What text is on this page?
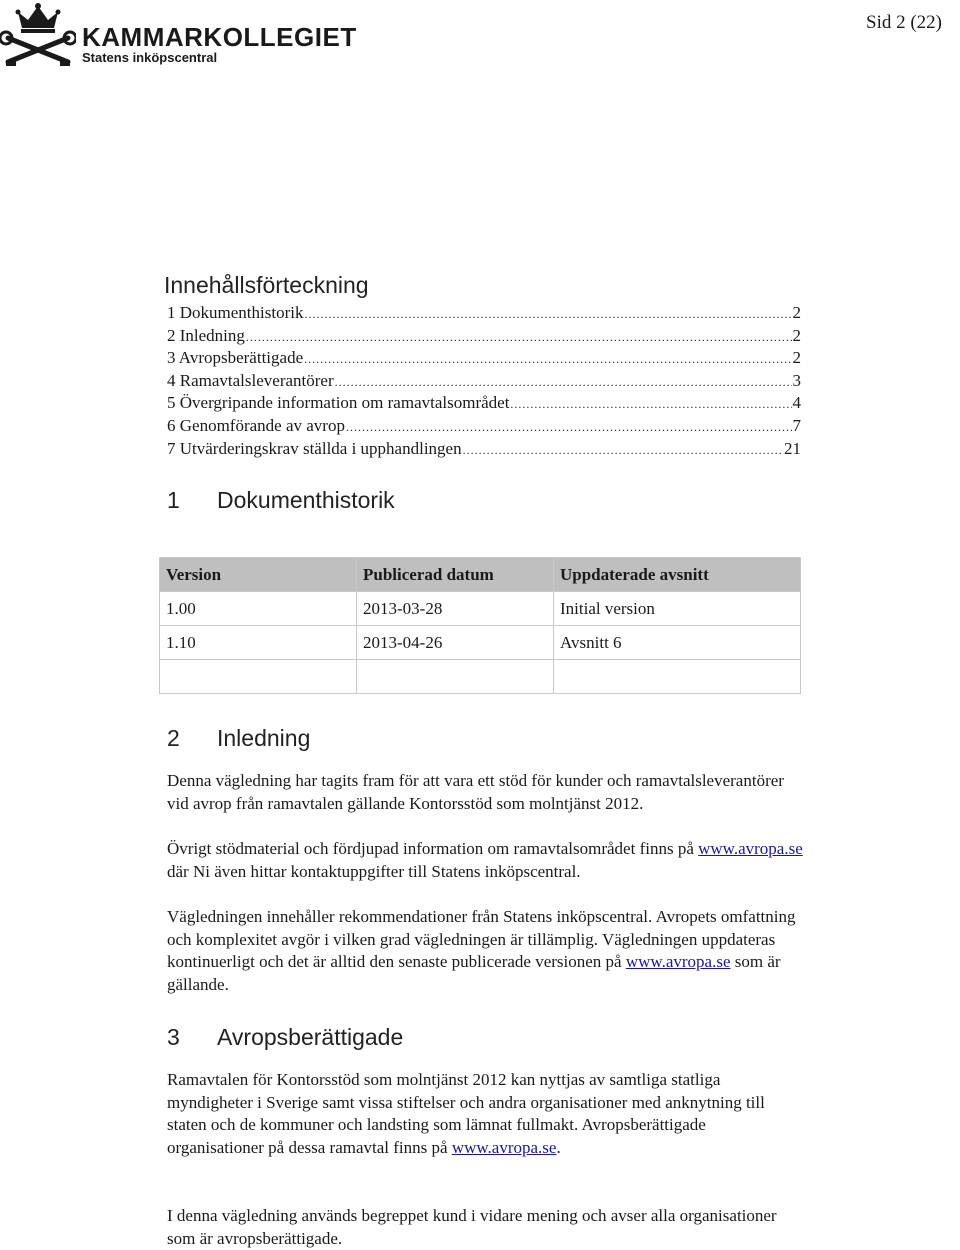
KAMMARKOLLEGIET
Statens inköpscentral
Sid 2 (22)
Innehållsförteckning
1 Dokumenthistorik .....	2
2 Inledning .....	2
3 Avropsberättigade .....	2
4 Ramavtalsleverantörer .....	3
5 Övergripande information om ramavtalsområdet .....	4
6 Genomförande av avrop .....	7
7 Utvärderingskrav ställda i upphandlingen .....	21
1 Dokumenthistorik
Version	Publicerad datum	Uppdaterade avsnitt
1.00	2013-03-28	Initial version
1.10	2013-04-26	Avsnitt 6

2 Inledning

Denna vägledning har tagits fram för att vara ett stöd för kunder och ramavtalsleverantörer vid avrop från ramavtalen gällande Kontorsstöd som molntjänst 2012.

Övrigt stödmaterial och fördjupad information om ramavtalsområdet finns på www.avropa.se där Ni även hittar kontaktuppgifter till Statens inköpscentral.

Vägledningen innehåller rekommendationer från Statens inköpscentral. Avropets omfattning och komplexitet avgör i vilken grad vägledningen är tillämplig. Vägledningen uppdateras kontinuerligt och det är alltid den senaste publicerade versionen på www.avropa.se som är gällande.

3 Avropsberättigade

Ramavtalen för Kontorsstöd som molntjänst 2012 kan nyttjas av samtliga statliga myndigheter i Sverige samt vissa stiftelser och andra organisationer med anknytning till staten och de kommuner och landsting som lämnat fullmakt. Avropsberättigade organisationer på dessa ramavtal finns på www.avropa.se.

I denna vägledning används begreppet kund i vidare mening och avser alla organisationer som är avropsberättigade.
